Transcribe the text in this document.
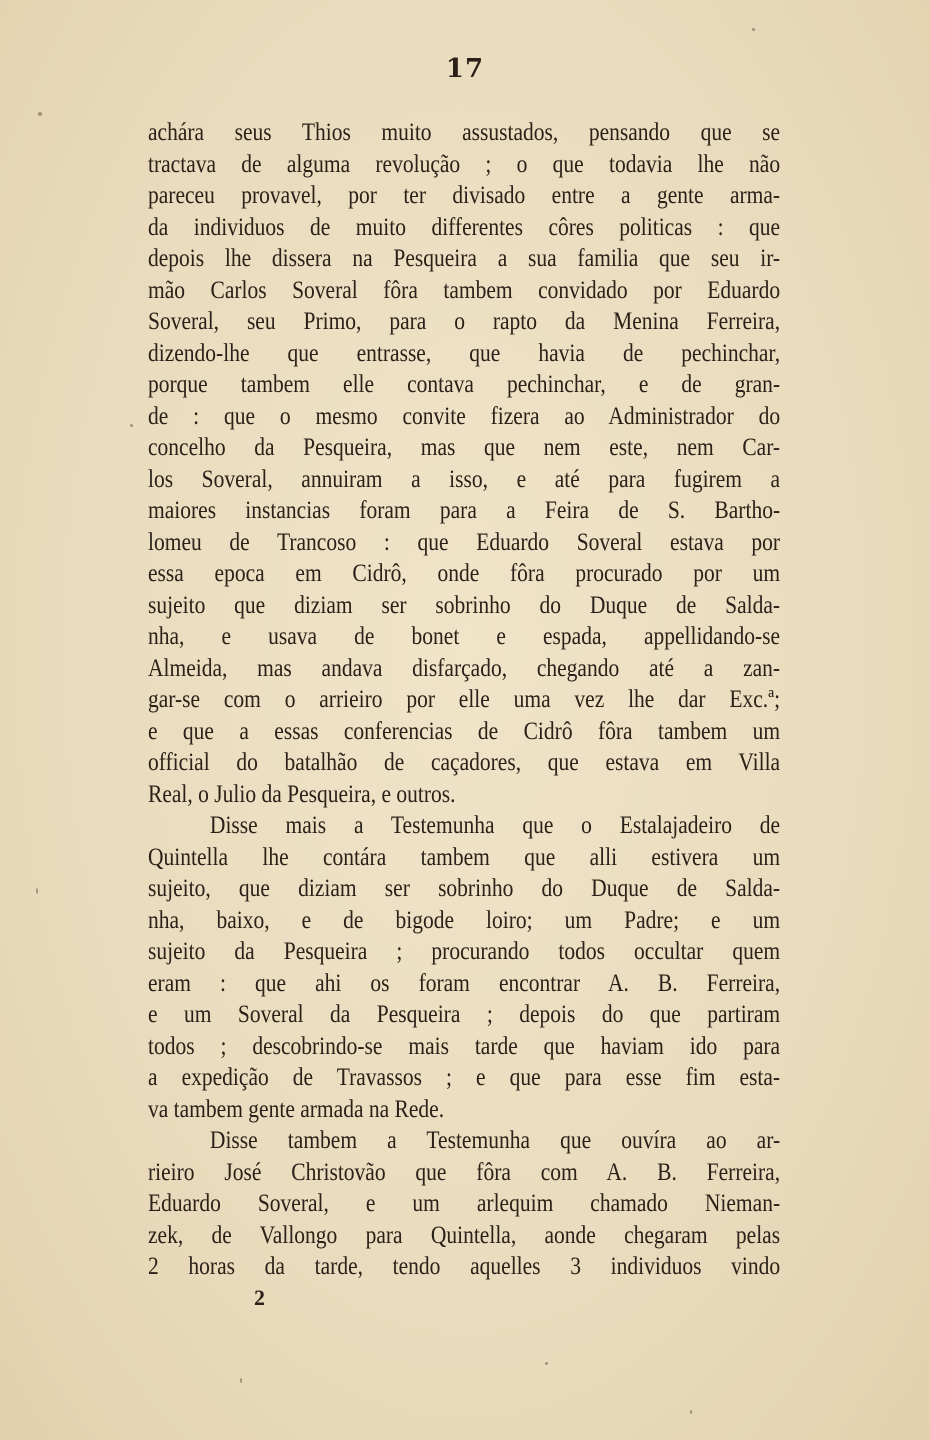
17
achára seus Thios muito assustados, pensando que se
tractava de alguma revolução ; o que todavia lhe não
pareceu provavel, por ter divisado entre a gente arma-
da individuos de muito differentes côres politicas : que
depois lhe dissera na Pesqueira a sua familia que seu ir-
mão Carlos Soveral fôra tambem convidado por Eduardo
Soveral, seu Primo, para o rapto da Menina Ferreira,
dizendo-lhe que entrasse, que havia de pechinchar,
porque tambem elle contava pechinchar, e de gran-
de : que o mesmo convite fizera ao Administrador do
concelho da Pesqueira, mas que nem este, nem Car-
los Soveral, annuiram a isso, e até para fugirem a
maiores instancias foram para a Feira de S. Bartho-
lomeu de Trancoso : que Eduardo Soveral estava por
essa epoca em Cidrô, onde fôra procurado por um
sujeito que diziam ser sobrinho do Duque de Salda-
nha, e usava de bonet e espada, appellidando-se
Almeida, mas andava disfarçado, chegando até a zan-
gar-se com o arrieiro por elle uma vez lhe dar Exc.ª;
e que a essas conferencias de Cidrô fôra tambem um
official do batalhão de caçadores, que estava em Villa
Real, o Julio da Pesqueira, e outros.
Disse mais a Testemunha que o Estalajadeiro de
Quintella lhe contára tambem que alli estivera um
sujeito, que diziam ser sobrinho do Duque de Salda-
nha, baixo, e de bigode loiro; um Padre; e um
sujeito da Pesqueira ; procurando todos occultar quem
eram : que ahi os foram encontrar A. B. Ferreira,
e um Soveral da Pesqueira ; depois do que partiram
todos ; descobrindo-se mais tarde que haviam ido para
a expedição de Travassos ; e que para esse fim esta-
va tambem gente armada na Rede.
Disse tambem a Testemunha que ouvíra ao ar-
rieiro José Christovão que fôra com A. B. Ferreira,
Eduardo Soveral, e um arlequim chamado Nieman-
zek, de Vallongo para Quintella, aonde chegaram pelas
2 horas da tarde, tendo aquelles 3 individuos vindo
2
